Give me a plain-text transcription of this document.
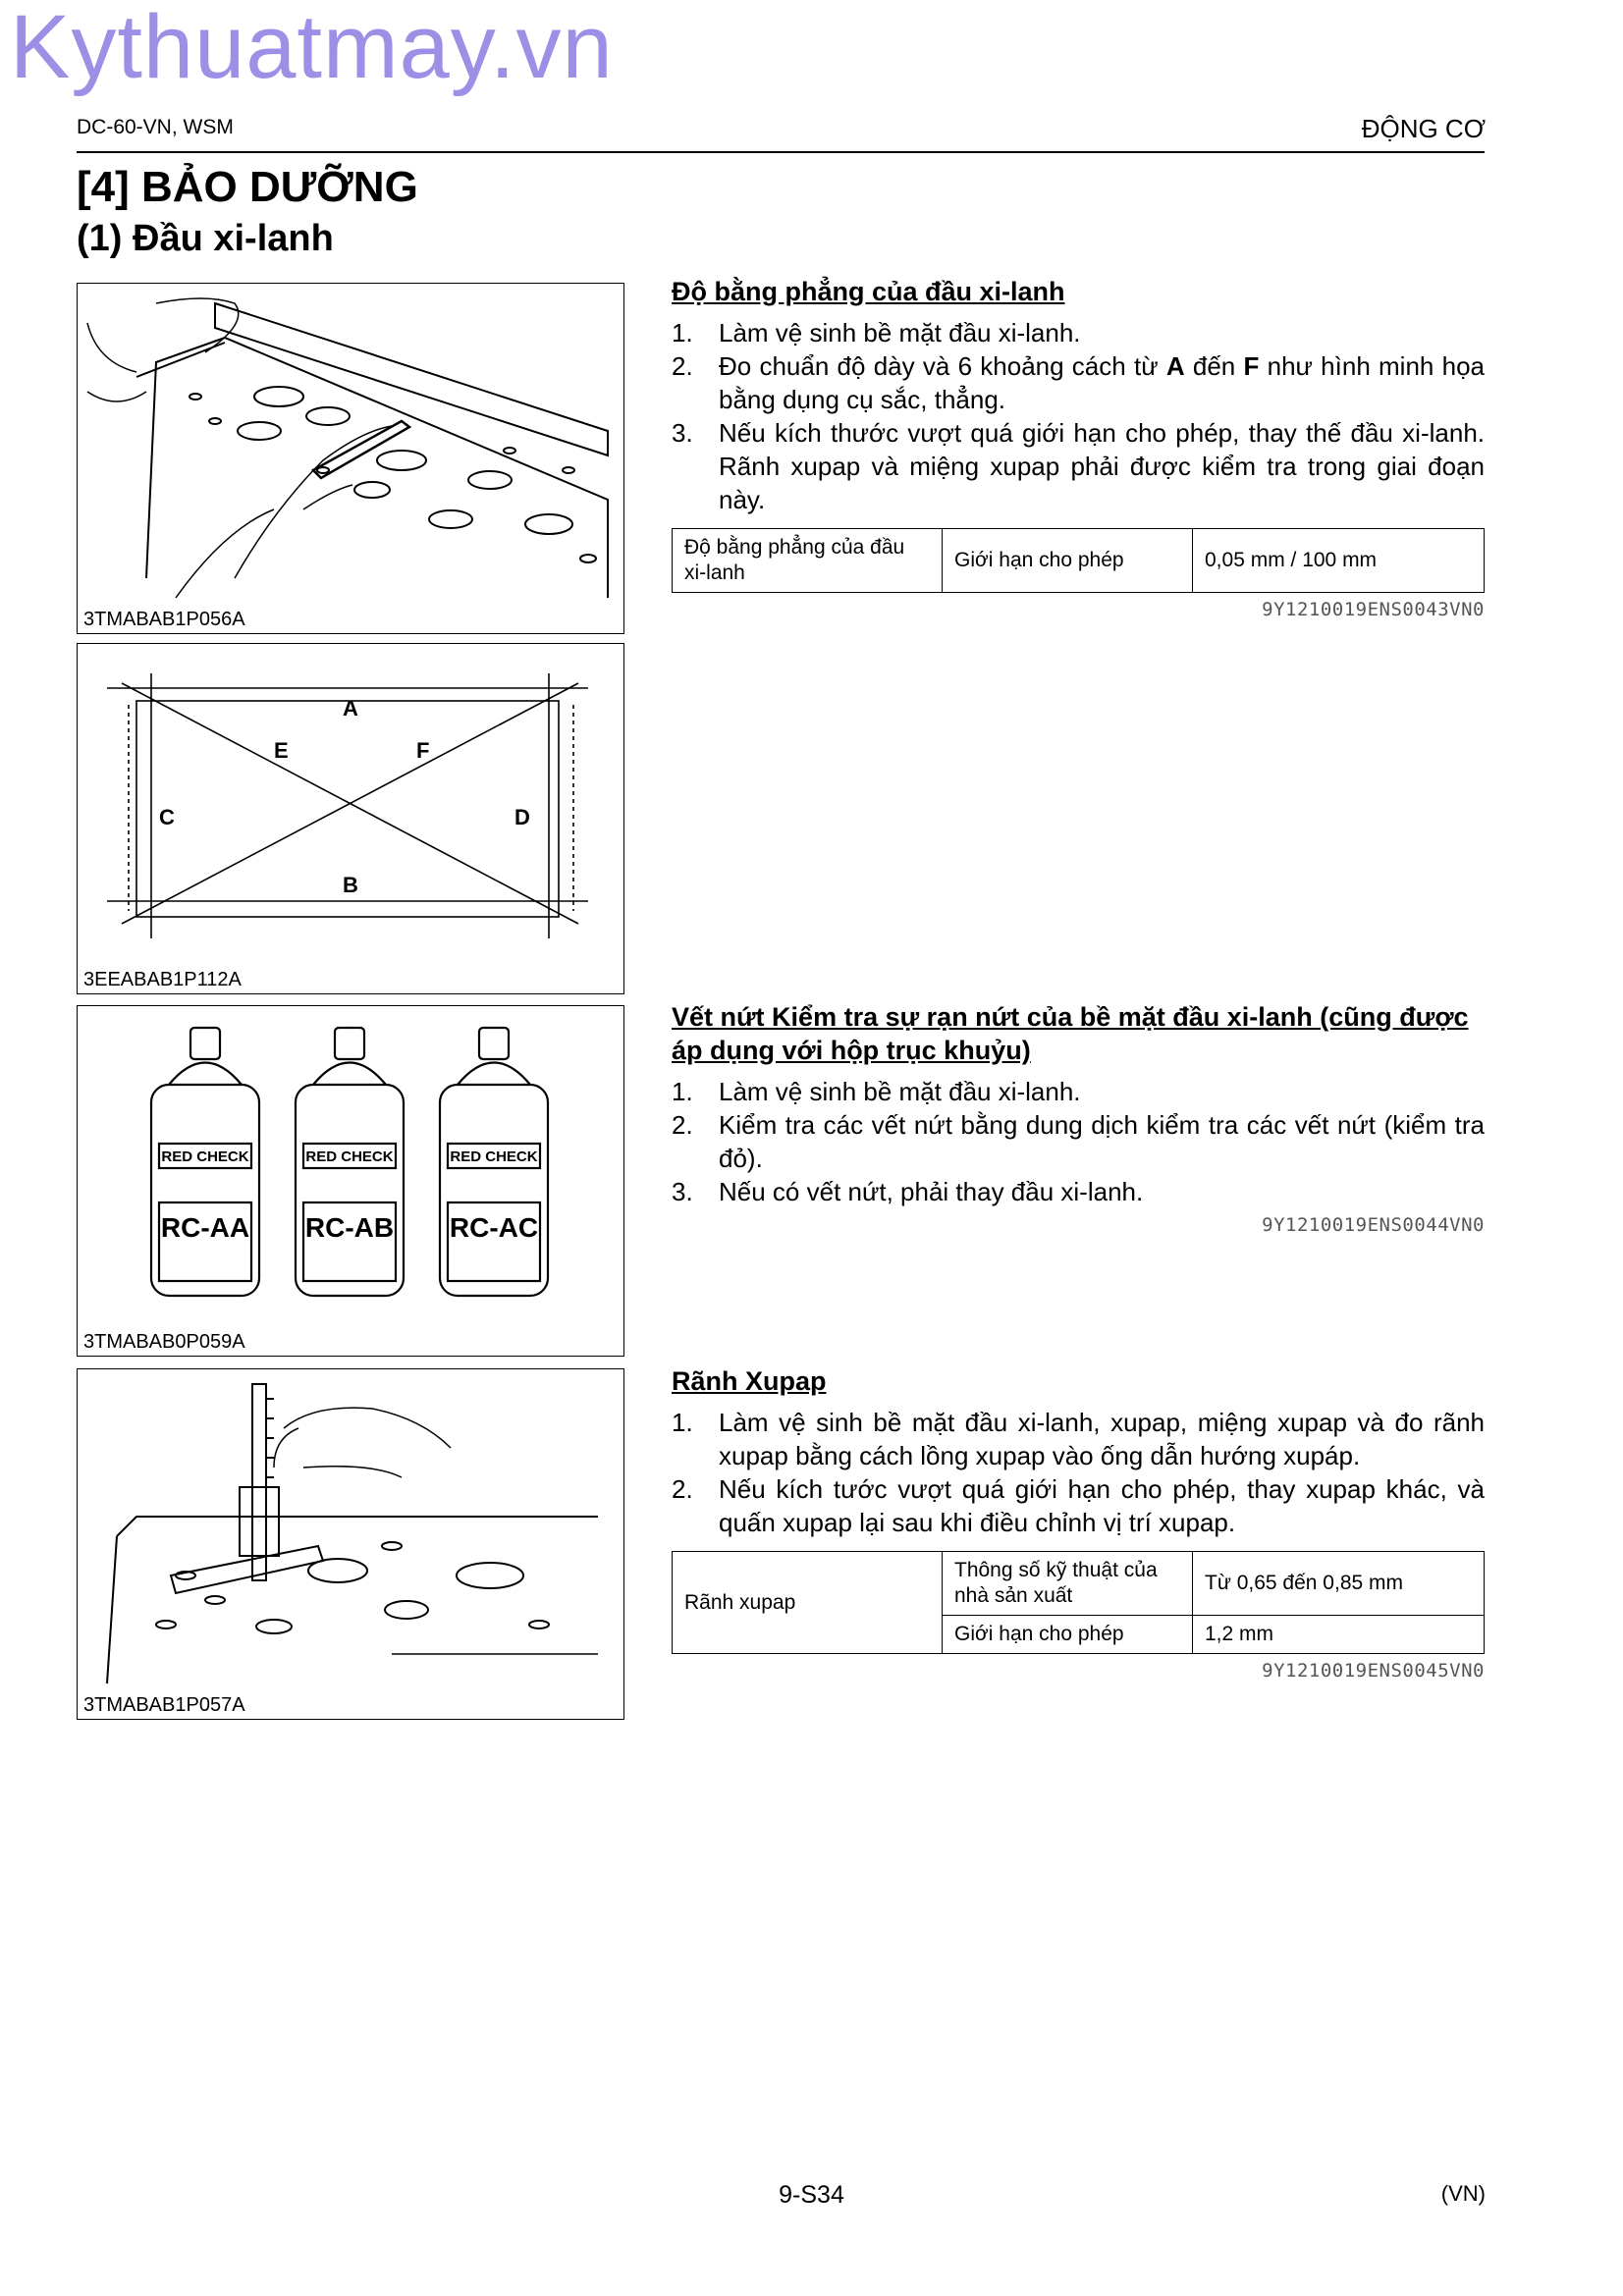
Kythuatmay.vn
DC-60-VN, WSM	ĐỘNG CƠ
[4] BẢO DƯỠNG
(1) Đầu xi-lanh
3TMABAB1P056A
A
B
C	D
E	F
3EEABAB1P112A
RED CHECK
RC-AA
RED CHECK
RC-AB
RED CHECK
RC-AC
3TMABAB0P059A
3TMABAB1P057A
Độ bằng phẳng của đầu xi-lanh
1. Làm vệ sinh bề mặt đầu xi-lanh.
2. Đo chuẩn độ dày và 6 khoảng cách từ A đến F như hình minh họa bằng dụng cụ sắc, thẳng.
3. Nếu kích thước vượt quá giới hạn cho phép, thay thế đầu xi-lanh. Rãnh xupap và miệng xupap phải được kiểm tra trong giai đoạn này.
Độ bằng phẳng của đầu xi-lanh	Giới hạn cho phép	0,05 mm / 100 mm
9Y1210019ENS0043VN0
Vết nứt Kiểm tra sự rạn nứt của bề mặt đầu xi-lanh (cũng được áp dụng với hộp trục khuỷu)
1. Làm vệ sinh bề mặt đầu xi-lanh.
2. Kiểm tra các vết nứt bằng dung dịch kiểm tra các vết nứt (kiểm tra đỏ).
3. Nếu có vết nứt, phải thay đầu xi-lanh.
9Y1210019ENS0044VN0
Rãnh Xupap
1. Làm vệ sinh bề mặt đầu xi-lanh, xupap, miệng xupap và đo rãnh xupap bằng cách lồng xupap vào ống dẫn hướng xupáp.
2. Nếu kích tước vượt quá giới hạn cho phép, thay xupap khác, và quấn xupap lại sau khi điều chỉnh vị trí xupap.
Rãnh xupap	Thông số kỹ thuật của nhà sản xuất	Từ 0,65 đến 0,85 mm
	Giới hạn cho phép	1,2 mm
9Y1210019ENS0045VN0
9-S34	(VN)
